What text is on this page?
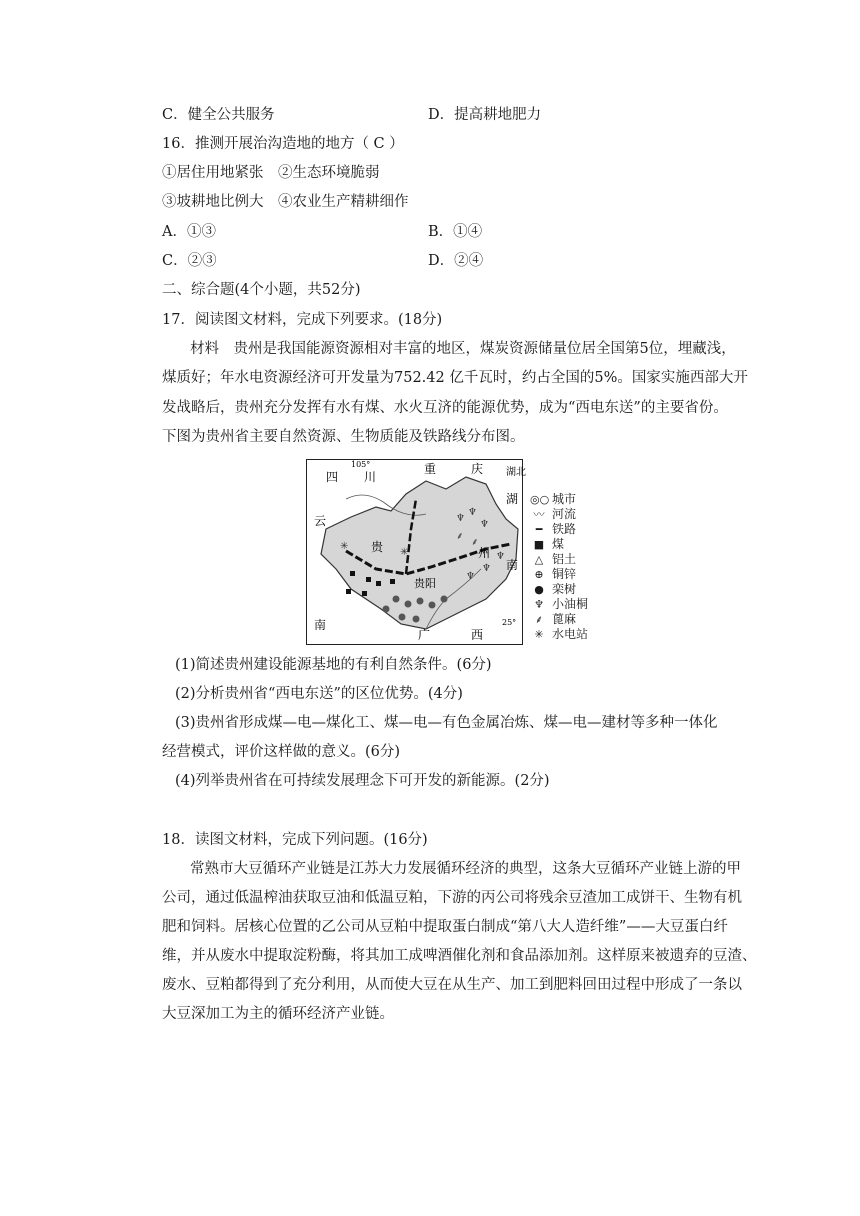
C．健全公共服务	D．提高耕地肥力
16．推测开展治沟造地的地方（ C ）
①居住用地紧张　②生态环境脆弱
③坡耕地比例大　④农业生产精耕细作
A．①③	B．①④
C．②③	D．②④
二、综合题(4个小题，共52分)
17．阅读图文材料，完成下列要求。(18分)
材料　贵州是我国能源资源相对丰富的地区，煤炭资源储量位居全国第5位，埋藏浅，
煤质好；年水电资源经济可开发量为752.42 亿千瓦时，约占全国的5%。国家实施西部大开
发战略后，贵州充分发挥有水有煤、水火互济的能源优势，成为“西电东送”的主要省份。
下图为贵州省主要自然资源、生物质能及铁路线分布图。
四 川
105°	重	庆 湖北
湖
云
南
贵	州
贵阳
南
广	西
25°
♆
♆
♆
♆
♆
♆
⸙
⸙
✳
✳
◎○ 城市
〰 河流
━ 铁路
■ 煤
△ 铝土
⊕ 铜锌
● 栾树
♆ 小油桐
⸙ 蓖麻
✳ 水电站
(1)简述贵州建设能源基地的有利自然条件。(6分)
(2)分析贵州省“西电东送”的区位优势。(4分)
(3)贵州省形成煤—电—煤化工、煤—电—有色金属冶炼、煤—电—建材等多种一体化
经营模式，评价这样做的意义。(6分)
(4)列举贵州省在可持续发展理念下可开发的新能源。(2分)
18．读图文材料，完成下列问题。(16分)
常熟市大豆循环产业链是江苏大力发展循环经济的典型，这条大豆循环产业链上游的甲
公司，通过低温榨油获取豆油和低温豆粕，下游的丙公司将残余豆渣加工成饼干、生物有机
肥和饲料。居核心位置的乙公司从豆粕中提取蛋白制成“第八大人造纤维”——大豆蛋白纤
维，并从废水中提取淀粉酶，将其加工成啤酒催化剂和食品添加剂。这样原来被遗弃的豆渣、
废水、豆粕都得到了充分利用，从而使大豆在从生产、加工到肥料回田过程中形成了一条以
大豆深加工为主的循环经济产业链。
